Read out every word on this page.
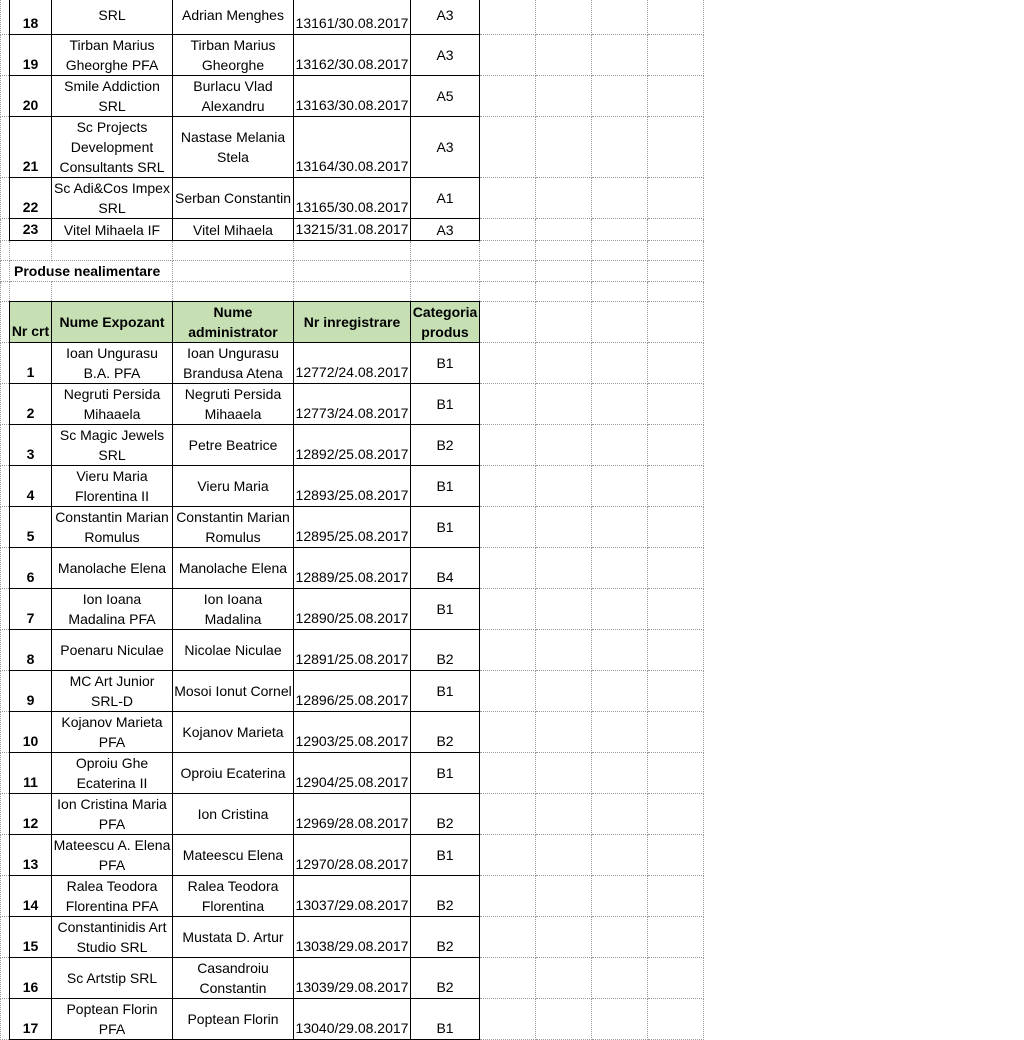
	18	SRL	Adrian Menghes	13161/30.08.2017	A3				
	19	Tirban Marius Gheorghe PFA	Tirban Marius Gheorghe	13162/30.08.2017	A3				
	20	Smile Addiction SRL	Burlacu Vlad Alexandru	13163/30.08.2017	A5				
	21	Sc Projects Development Consultants SRL	Nastase Melania Stela	13164/30.08.2017	A3				
	22	Sc Adi&Cos Impex SRL	Serban Constantin	13165/30.08.2017	A1				
	23	Vitel Mihaela IF	Vitel Mihaela	13215/31.08.2017	A3				

	Produse nealimentare								

	Nr crt	Nume Expozant	Nume administrator	Nr inregistrare	Categoria produs				
	1	Ioan Ungurasu B.A. PFA	Ioan Ungurasu Brandusa Atena	12772/24.08.2017	B1				
	2	Negruti Persida Mihaaela	Negruti Persida Mihaaela	12773/24.08.2017	B1				
	3	Sc Magic Jewels SRL	Petre Beatrice	12892/25.08.2017	B2				
	4	Vieru Maria Florentina II	Vieru Maria	12893/25.08.2017	B1				
	5	Constantin Marian Romulus	Constantin Marian Romulus	12895/25.08.2017	B1				
	6	Manolache Elena	Manolache Elena	12889/25.08.2017	B4				
	7	Ion Ioana Madalina PFA	Ion Ioana Madalina	12890/25.08.2017	B1				
	8	Poenaru Niculae	Nicolae Niculae	12891/25.08.2017	B2				
	9	MC Art Junior SRL-D	Mosoi Ionut Cornel	12896/25.08.2017	B1				
	10	Kojanov Marieta PFA	Kojanov Marieta	12903/25.08.2017	B2				
	11	Oproiu Ghe Ecaterina II	Oproiu Ecaterina	12904/25.08.2017	B1				
	12	Ion Cristina Maria PFA	Ion Cristina	12969/28.08.2017	B2				
	13	Mateescu A. Elena PFA	Mateescu Elena	12970/28.08.2017	B1				
	14	Ralea Teodora Florentina PFA	Ralea Teodora Florentina	13037/29.08.2017	B2				
	15	Constantinidis Art Studio SRL	Mustata D. Artur	13038/29.08.2017	B2				
	16	Sc Artstip SRL	Casandroiu Constantin	13039/29.08.2017	B2				
	17	Poptean Florin PFA	Poptean Florin	13040/29.08.2017	B1				
